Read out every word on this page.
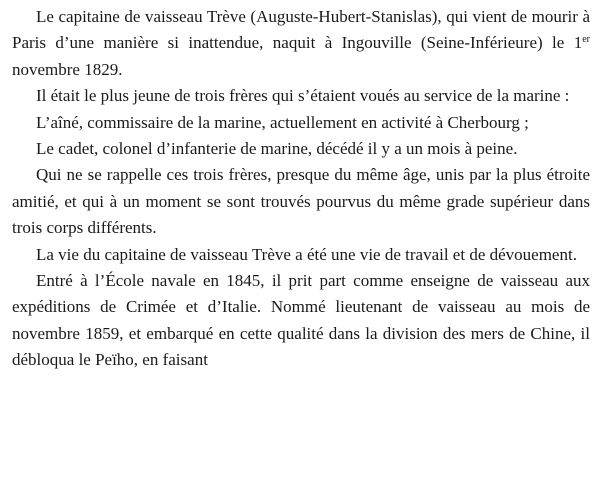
Le capitaine de vaisseau Trève (Auguste-Hubert-Stanislas), qui vient de mourir à Paris d’une manière si inattendue, naquit à Ingouville (Seine-Inférieure) le 1er novembre 1829.

Il était le plus jeune de trois frères qui s’étaient voués au service de la marine :

L’aîné, commissaire de la marine, actuellement en activité à Cherbourg ;

Le cadet, colonel d’infanterie de marine, décédé il y a un mois à peine.

Qui ne se rappelle ces trois frères, presque du même âge, unis par la plus étroite amitié, et qui à un moment se sont trouvés pourvus du même grade supérieur dans trois corps différents.

La vie du capitaine de vaisseau Trève a été une vie de travail et de dévouement.

Entré à l’École navale en 1845, il prit part comme enseigne de vaisseau aux expéditions de Crimée et d’Italie. Nommé lieutenant de vaisseau au mois de novembre 1859, et embarqué en cette qualité dans la division des mers de Chine, il débloqua le Peïho, en faisant
